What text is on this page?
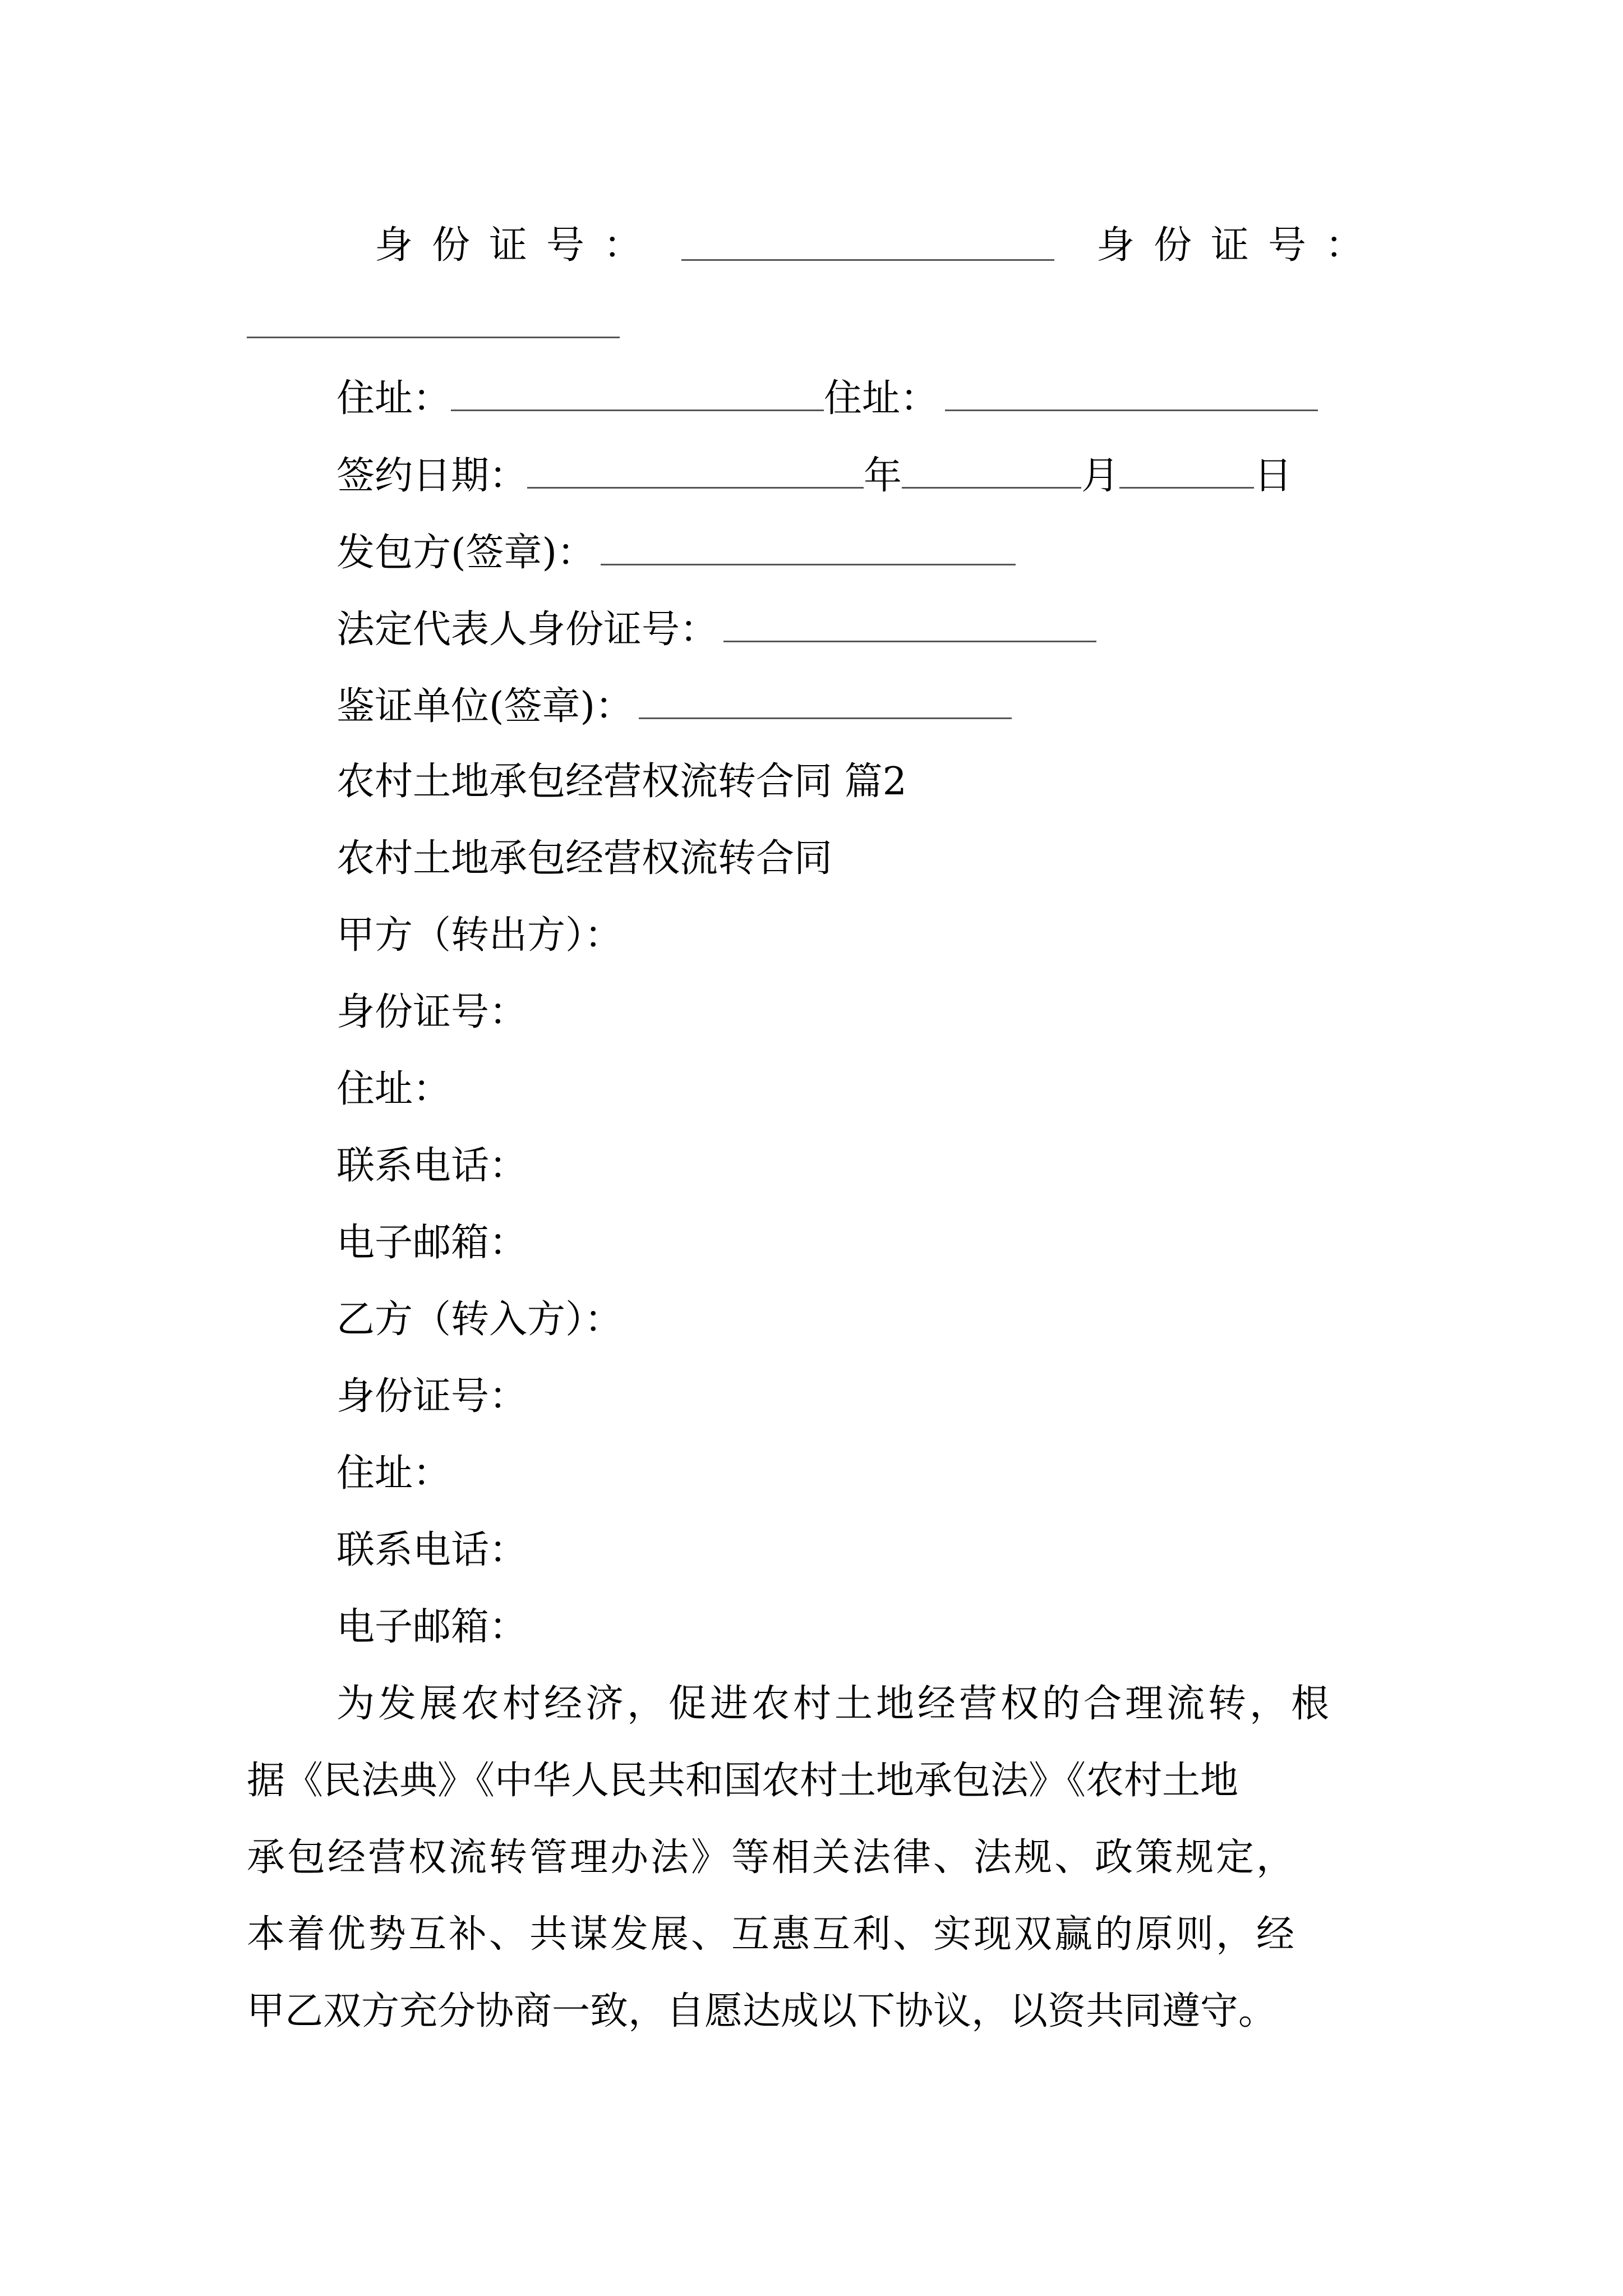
身份证号：	身份证号：
住址：	住址：
签约日期：	年	月	日
发包方(签章)：
法定代表人身份证号：
鉴证单位(签章)：
农村土地承包经营权流转合同 篇2
农村土地承包经营权流转合同
甲方（转出方）：
身份证号：
住址：
联系电话：
电子邮箱：
乙方（转入方）：
身份证号：
住址：
联系电话：
电子邮箱：
为发展农村经济，促进农村土地经营权的合理流转，根
据《民法典》《中华人民共和国农村土地承包法》《农村土地
承包经营权流转管理办法》等相关法律、法规、政策规定，
本着优势互补、共谋发展、互惠互利、实现双赢的原则，经
甲乙双方充分协商一致，自愿达成以下协议，以资共同遵守。
